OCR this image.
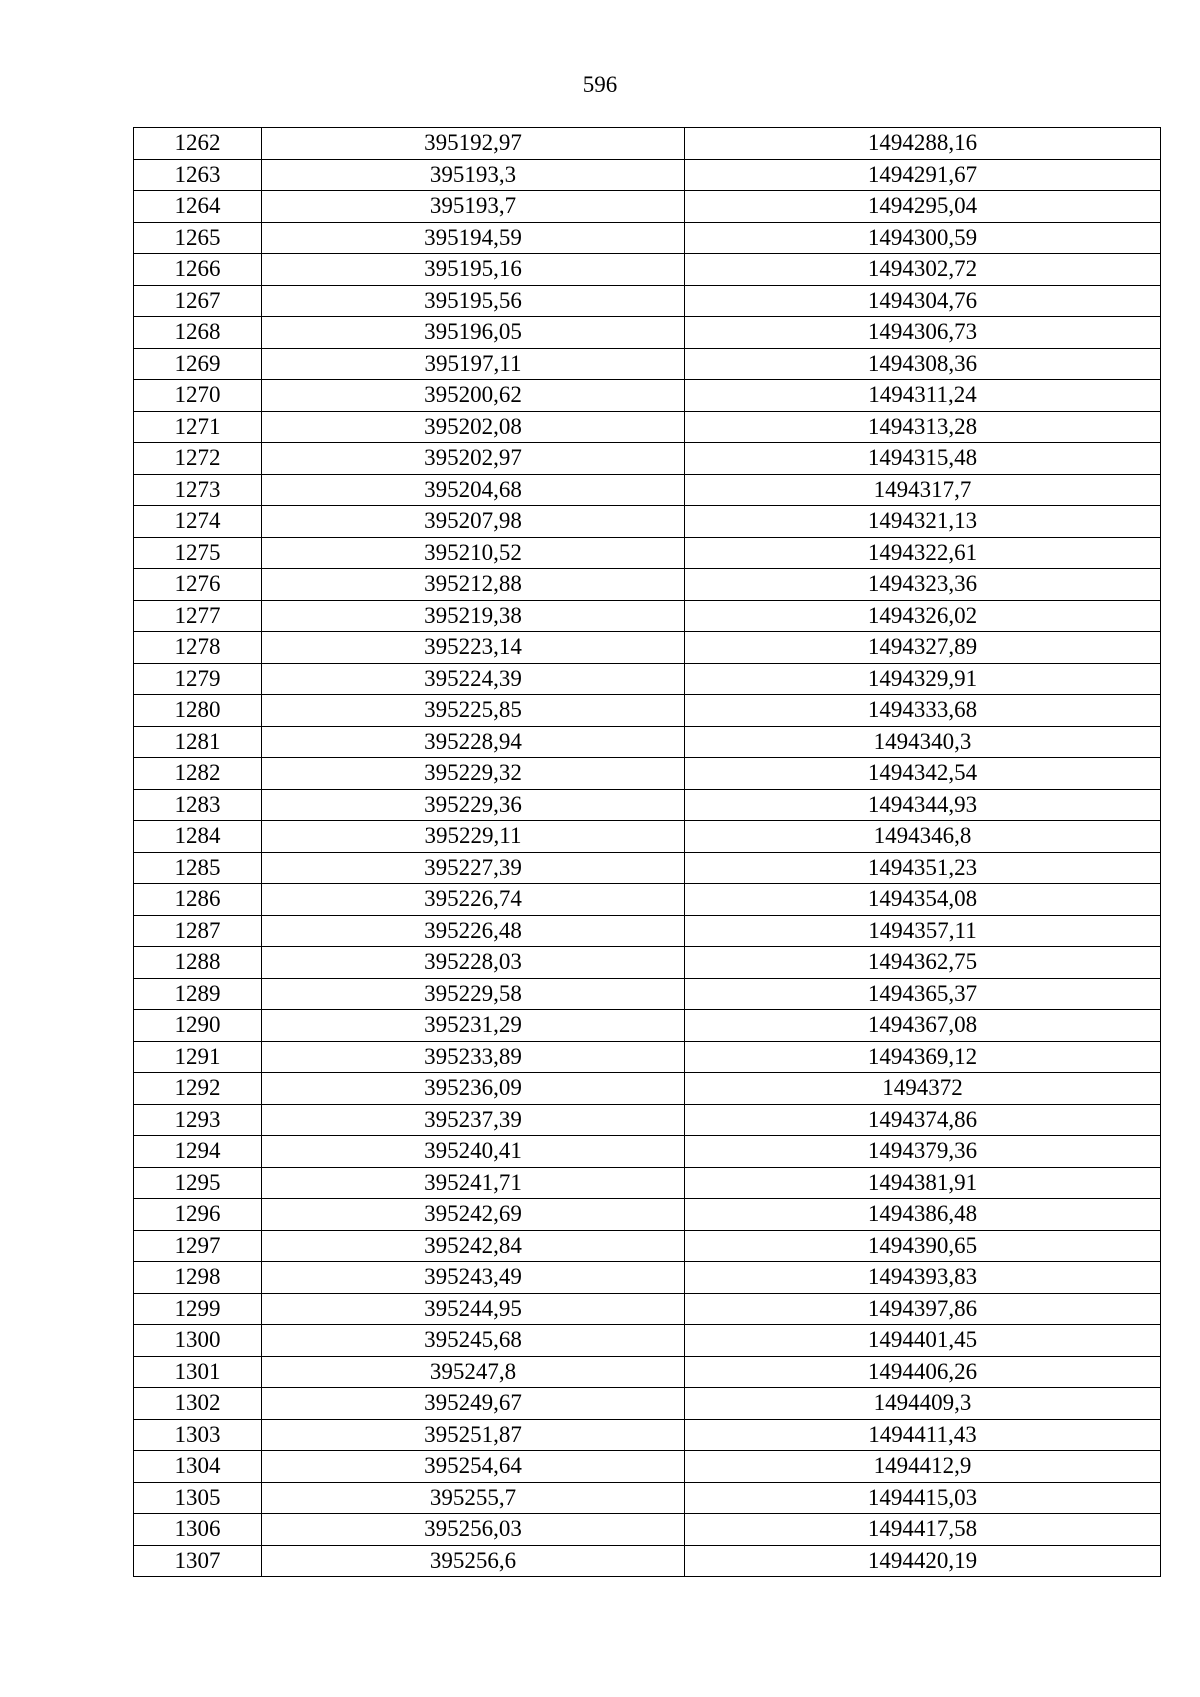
596
1262	395192,97	1494288,16
1263	395193,3	1494291,67
1264	395193,7	1494295,04
1265	395194,59	1494300,59
1266	395195,16	1494302,72
1267	395195,56	1494304,76
1268	395196,05	1494306,73
1269	395197,11	1494308,36
1270	395200,62	1494311,24
1271	395202,08	1494313,28
1272	395202,97	1494315,48
1273	395204,68	1494317,7
1274	395207,98	1494321,13
1275	395210,52	1494322,61
1276	395212,88	1494323,36
1277	395219,38	1494326,02
1278	395223,14	1494327,89
1279	395224,39	1494329,91
1280	395225,85	1494333,68
1281	395228,94	1494340,3
1282	395229,32	1494342,54
1283	395229,36	1494344,93
1284	395229,11	1494346,8
1285	395227,39	1494351,23
1286	395226,74	1494354,08
1287	395226,48	1494357,11
1288	395228,03	1494362,75
1289	395229,58	1494365,37
1290	395231,29	1494367,08
1291	395233,89	1494369,12
1292	395236,09	1494372
1293	395237,39	1494374,86
1294	395240,41	1494379,36
1295	395241,71	1494381,91
1296	395242,69	1494386,48
1297	395242,84	1494390,65
1298	395243,49	1494393,83
1299	395244,95	1494397,86
1300	395245,68	1494401,45
1301	395247,8	1494406,26
1302	395249,67	1494409,3
1303	395251,87	1494411,43
1304	395254,64	1494412,9
1305	395255,7	1494415,03
1306	395256,03	1494417,58
1307	395256,6	1494420,19
